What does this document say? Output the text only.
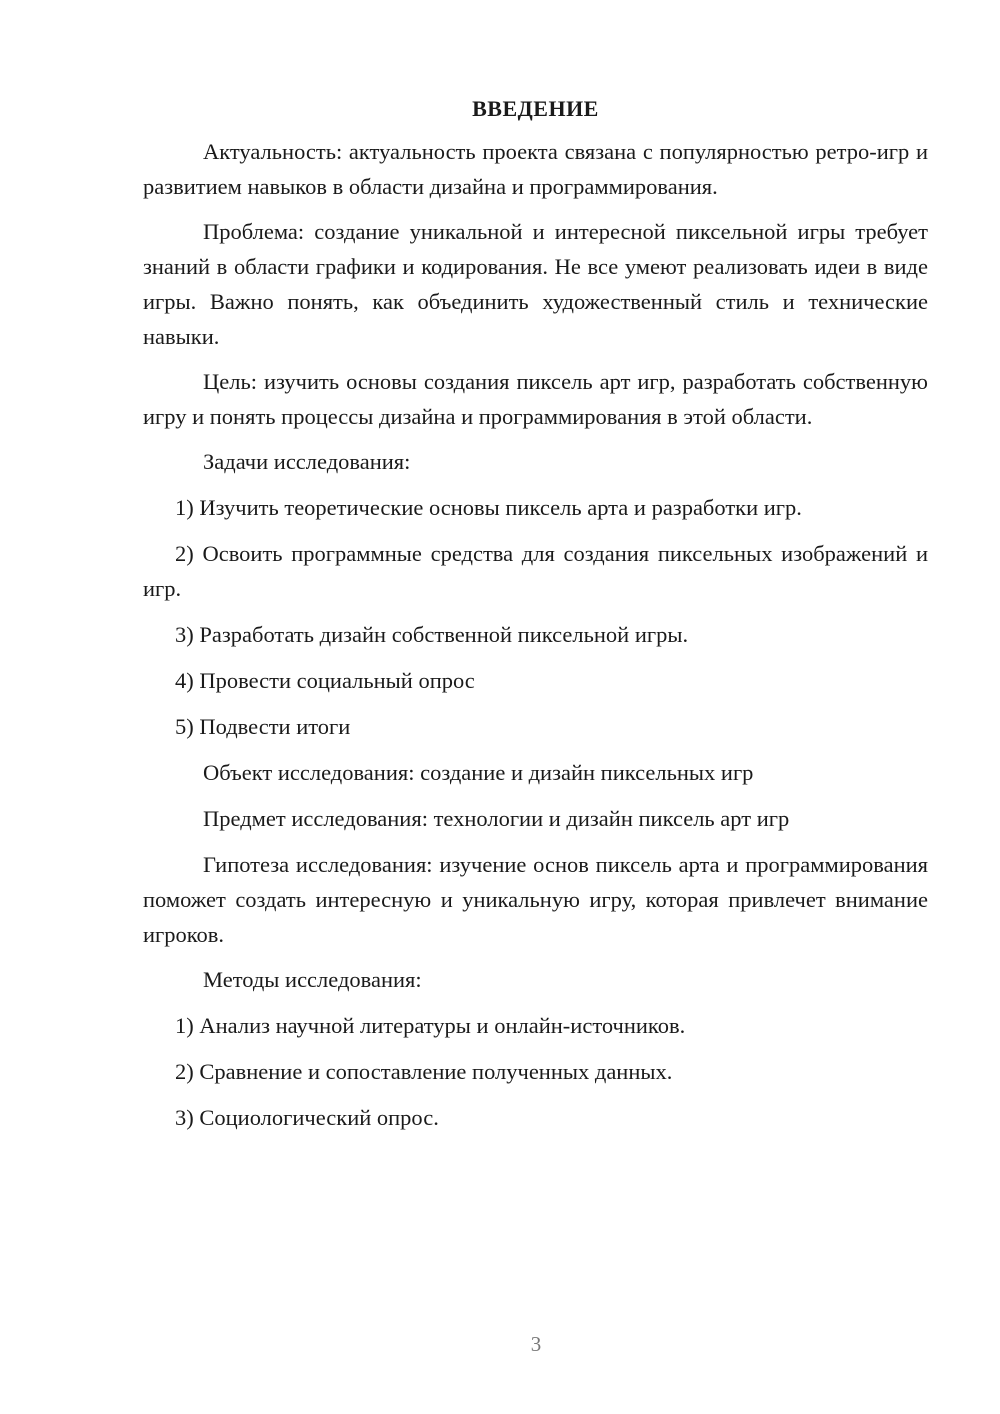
ВВЕДЕНИЕ

Актуальность: актуальность проекта связана с популярностью ретро-игр и развитием навыков в области дизайна и программирования.

Проблема: создание уникальной и интересной пиксельной игры требует знаний в области графики и кодирования. Не все умеют реализовать идеи в виде игры. Важно понять, как объединить художественный стиль и технические навыки.

Цель: изучить основы создания пиксель арт игр, разработать собственную игру и понять процессы дизайна и программирования в этой области.

Задачи исследования:

1) Изучить теоретические основы пиксель арта и разработки игр.

2) Освоить программные средства для создания пиксельных изображений и игр.

3) Разработать дизайн собственной пиксельной игры.

4) Провести социальный опрос

5) Подвести итоги

Объект исследования: создание и дизайн пиксельных игр
Предмет исследования: технологии и дизайн пиксель арт игр

Гипотеза исследования: изучение основ пиксель арта и программирования поможет создать интересную и уникальную игру, которая привлечет внимание игроков.

Методы исследования:

1) Анализ научной литературы и онлайн-источников.

2) Сравнение и сопоставление полученных данных.

3) Социологический опрос.

3
